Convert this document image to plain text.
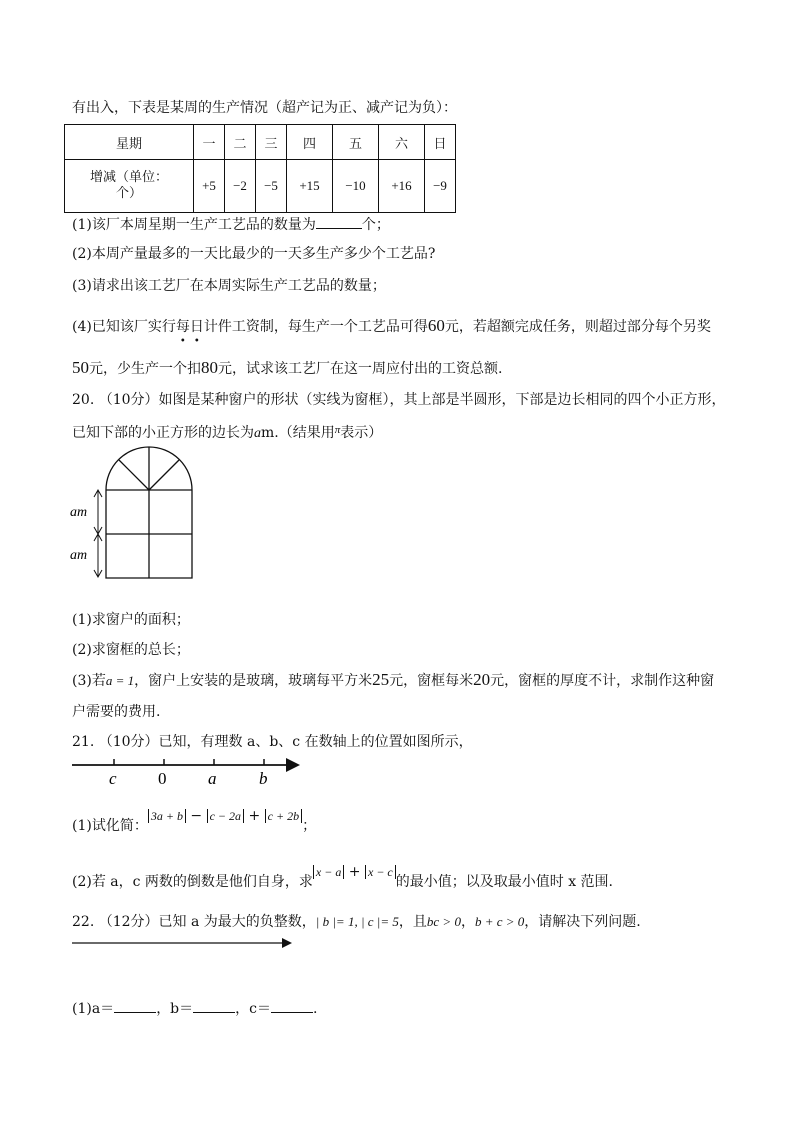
有出入，下表是某周的生产情况（超产记为正、减产记为负）：
星期	一	二	三	四	五	六	日
增减（单位：
个）	+5	−2	−5	+15	−10	+16	−9
(1)该厂本周星期一生产工艺品的数量为	个；
(2)本周产量最多的一天比最少的一天多生产多少个工艺品?
(3)请求出该工艺厂在本周实际生产工艺品的数量；
(4)已知该厂实行每日
• •
计件工资制，每生产一个工艺品可得60元，若超额完成任务，则超过部分每个另奖
50元，少生产一个扣80元，试求该工艺厂在这一周应付出的工资总额.
20. （10分）如图是某种窗户的形状（实线为窗框），其上部是半圆形，下部是边长相同的四个小正方形，
已知下部的小正方形的边长为am.（结果用$^\pi$表示）
am
am
(1)求窗户的面积；
(2)求窗框的总长；
(3)若a = 1，窗户上安装的是玻璃，玻璃每平方米25元，窗框每米20元，窗框的厚度不计，求制作这种窗
户需要的费用.
21. （10分）已知，有理数 a、b、c 在数轴上的位置如图所示，
c 0 a	b
(1)试化简：3a + b − c − 2a + c + 2b；
(2)若 a，c 两数的倒数是他们自身，求x − a + x − c的最小值；以及取最小值时 x 范围.
22. （12分）已知 a 为最大的负整数，| b |= 1, | c |= 5，且bc > 0，b + c > 0，请解决下列问题.
(1)a＝	，b＝	，c＝	.
